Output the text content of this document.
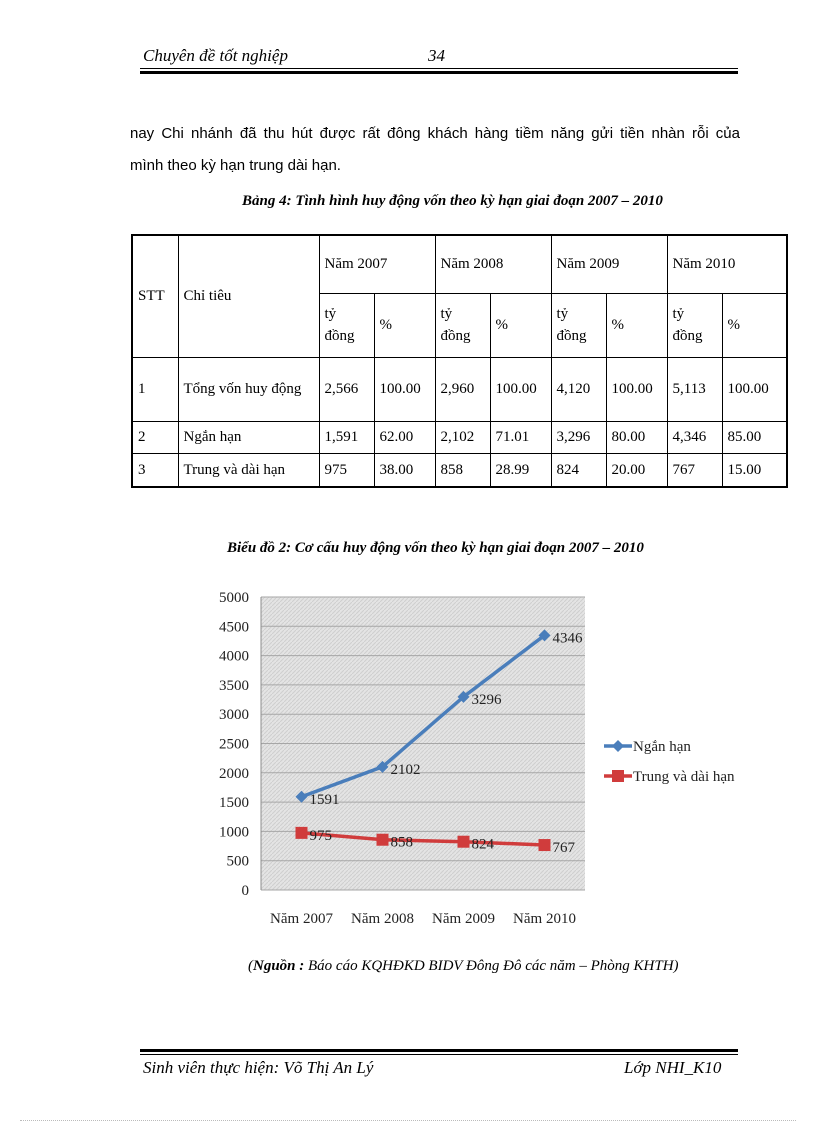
Chuyên đề tốt nghiệp	34
nay Chi nhánh đã thu hút được rất đông khách hàng tiềm năng gửi tiền nhàn rỗi của
mình theo kỳ hạn trung dài hạn.
Bảng 4: Tình hình huy động vốn theo kỳ hạn giai đoạn 2007 – 2010
STT	Chỉ tiêu	Năm 2007		Năm 2008		Năm 2009		Năm 2010	
		tỷ đồng	%	tỷ đồng	%	tỷ đồng	%	tỷ đồng	%
1	Tổng vốn huy động	2,566	100.00	2,960	100.00	4,120	100.00	5,113	100.00
2	Ngắn hạn	1,591	62.00	2,102	71.01	3,296	80.00	4,346	85.00
3	Trung và dài hạn	975	38.00	858	28.99	824	20.00	767	15.00
Biểu đồ 2: Cơ cấu huy động vốn theo kỳ hạn giai đoạn 2007 – 2010
0
500
1000
1500
2000
2500
3000
3500
4000
4500
5000
Năm 2007 Năm 2008 Năm 2009 Năm 2010
1591
2102
3296
4346
975	858	824	767
Ngắn hạn
Trung và dài hạn
(Nguồn : Báo cáo KQHĐKD BIDV Đông Đô các năm – Phòng KHTH)
Sinh viên thực hiện: Võ Thị An Lý	Lớp NHI_K10
